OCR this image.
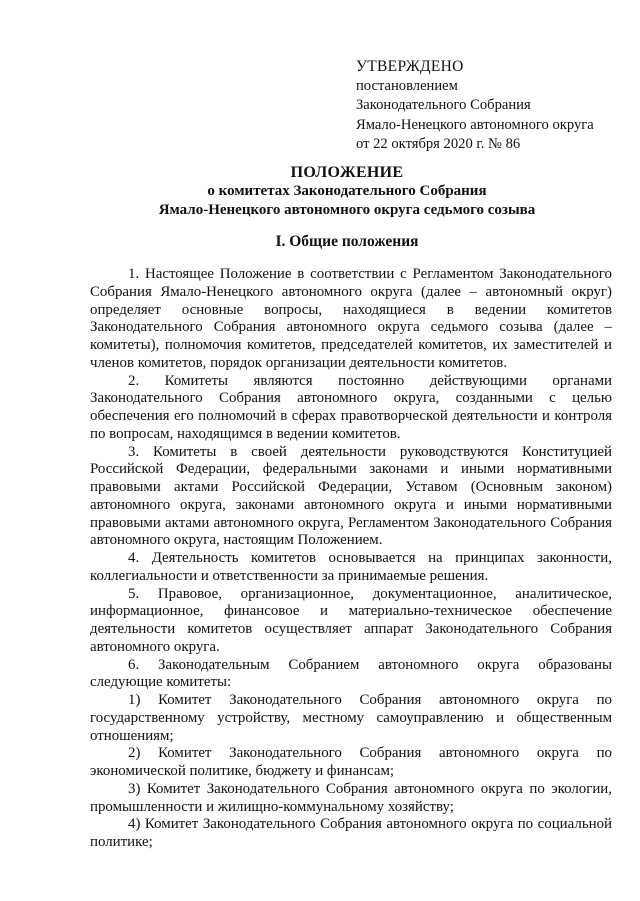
УТВЕРЖДЕНО
постановлением
Законодательного Собрания
Ямало-Ненецкого автономного округа
от 22 октября 2020 г. № 86
ПОЛОЖЕНИЕ
о комитетах Законодательного Собрания
Ямало-Ненецкого автономного округа седьмого созыва
I. Общие положения

1. Настоящее Положение в соответствии с Регламентом Законодательного Собрания Ямало-Ненецкого автономного округа (далее – автономный округ) определяет основные вопросы, находящиеся в ведении комитетов Законодательного Собрания автономного округа седьмого созыва (далее – комитеты), полномочия комитетов, председателей комитетов, их заместителей и членов комитетов, порядок организации деятельности комитетов.

2. Комитеты являются постоянно действующими органами Законодательного Собрания автономного округа, созданными с целью обеспечения его полномочий в сферах правотворческой деятельности и контроля по вопросам, находящимся в ведении комитетов.

3. Комитеты в своей деятельности руководствуются Конституцией Российской Федерации, федеральными законами и иными нормативными правовыми актами Российской Федерации, Уставом (Основным законом) автономного округа, законами автономного округа и иными нормативными правовыми актами автономного округа, Регламентом Законодательного Собрания автономного округа, настоящим Положением.

4. Деятельность комитетов основывается на принципах законности, коллегиальности и ответственности за принимаемые решения.

5. Правовое, организационное, документационное, аналитическое, информационное, финансовое и материально-техническое обеспечение деятельности комитетов осуществляет аппарат Законодательного Собрания автономного округа.

6. Законодательным Собранием автономного округа образованы следующие комитеты:

1) Комитет Законодательного Собрания автономного округа по государственному устройству, местному самоуправлению и общественным отношениям;

2) Комитет Законодательного Собрания автономного округа по экономической политике, бюджету и финансам;

3) Комитет Законодательного Собрания автономного округа по экологии, промышленности и жилищно-коммунальному хозяйству;

4) Комитет Законодательного Собрания автономного округа по социальной политике;
